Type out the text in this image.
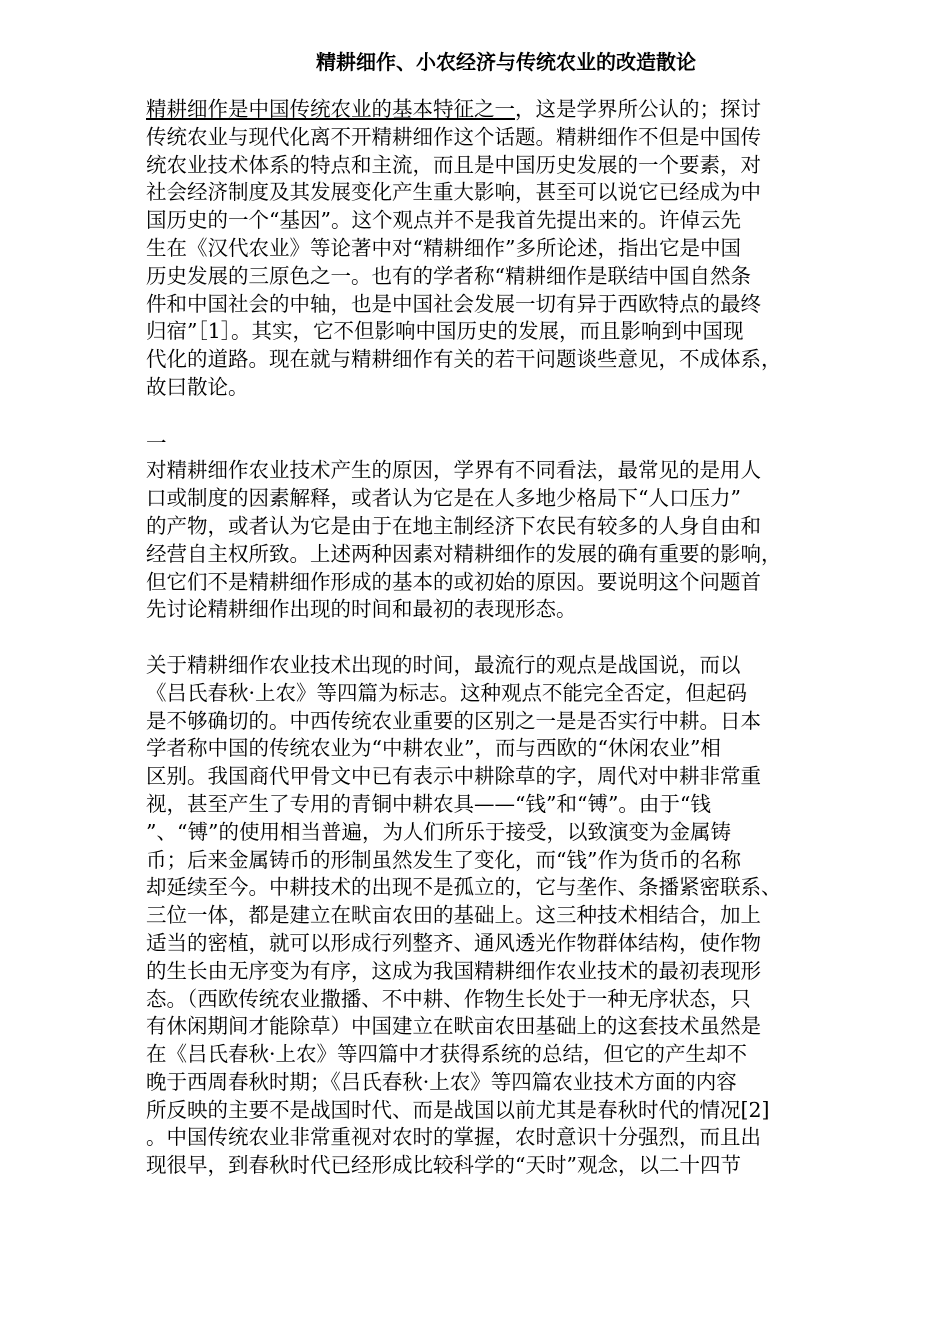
精耕细作、小农经济与传统农业的改造散论
精耕细作是中国传统农业的基本特征之一，这是学界所公认的；探讨
传统农业与现代化离不开精耕细作这个话题。精耕细作不但是中国传
统农业技术体系的特点和主流，而且是中国历史发展的一个要素，对
社会经济制度及其发展变化产生重大影响，甚至可以说它已经成为中
国历史的一个“基因”。这个观点并不是我首先提出来的。许倬云先
生在《汉代农业》等论著中对“精耕细作”多所论述，指出它是中国
历史发展的三原色之一。也有的学者称“精耕细作是联结中国自然条
件和中国社会的中轴，也是中国社会发展一切有异于西欧特点的最终
归宿”［1］。其实，它不但影响中国历史的发展，而且影响到中国现
代化的道路。现在就与精耕细作有关的若干问题谈些意见，不成体系，
故曰散论。
一
对精耕细作农业技术产生的原因，学界有不同看法，最常见的是用人
口或制度的因素解释，或者认为它是在人多地少格局下“人口压力”
的产物，或者认为它是由于在地主制经济下农民有较多的人身自由和
经营自主权所致。上述两种因素对精耕细作的发展的确有重要的影响，
但它们不是精耕细作形成的基本的或初始的原因。要说明这个问题首
先讨论精耕细作出现的时间和最初的表现形态。
关于精耕细作农业技术出现的时间，最流行的观点是战国说，而以
《吕氏春秋·上农》等四篇为标志。这种观点不能完全否定，但起码
是不够确切的。中西传统农业重要的区别之一是是否实行中耕。日本
学者称中国的传统农业为“中耕农业”，而与西欧的“休闲农业”相
区别。我国商代甲骨文中已有表示中耕除草的字，周代对中耕非常重
视，甚至产生了专用的青铜中耕农具——“钱”和“镈”。由于“钱
”、“镈”的使用相当普遍，为人们所乐于接受，以致演变为金属铸
币；后来金属铸币的形制虽然发生了变化，而“钱”作为货币的名称
却延续至今。中耕技术的出现不是孤立的，它与垄作、条播紧密联系、
三位一体，都是建立在畎亩农田的基础上。这三种技术相结合，加上
适当的密植，就可以形成行列整齐、通风透光作物群体结构，使作物
的生长由无序变为有序，这成为我国精耕细作农业技术的最初表现形
态。（西欧传统农业撒播、不中耕、作物生长处于一种无序状态，只
有休闲期间才能除草）中国建立在畎亩农田基础上的这套技术虽然是
在《吕氏春秋·上农》等四篇中才获得系统的总结，但它的产生却不
晚于西周春秋时期；《吕氏春秋·上农》等四篇农业技术方面的内容
所反映的主要不是战国时代、而是战国以前尤其是春秋时代的情况[2]
。中国传统农业非常重视对农时的掌握，农时意识十分强烈，而且出
现很早，到春秋时代已经形成比较科学的“天时”观念，以二十四节
